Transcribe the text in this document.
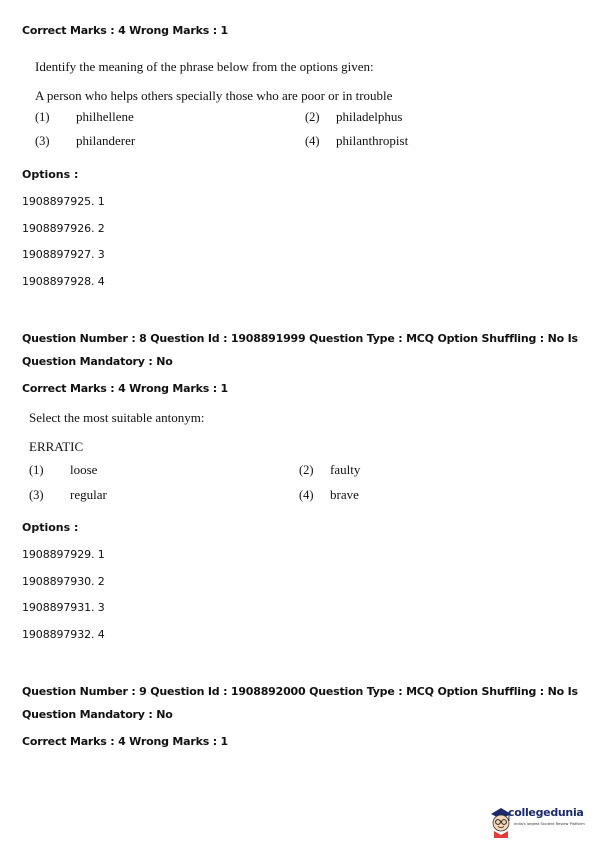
Correct Marks : 4 Wrong Marks : 1
Identify the meaning of the phrase below from the options given:
A person who helps others specially those who are poor or in trouble
(1) philhellene	(2) philadelphus
(3) philanderer	(4) philanthropist
Options :
1908897925. 1
1908897926. 2
1908897927. 3
1908897928. 4
Question Number : 8 Question Id : 1908891999 Question Type : MCQ Option Shuffling : No Is
Question Mandatory : No
Correct Marks : 4 Wrong Marks : 1
Select the most suitable antonym:
ERRATIC
(1) loose	(2) faulty
(3) regular	(4) brave
Options :
1908897929. 1
1908897930. 2
1908897931. 3
1908897932. 4
Question Number : 9 Question Id : 1908892000 Question Type : MCQ Option Shuffling : No Is
Question Mandatory : No
Correct Marks : 4 Wrong Marks : 1
collegedunia
India's largest Student Review Platform
